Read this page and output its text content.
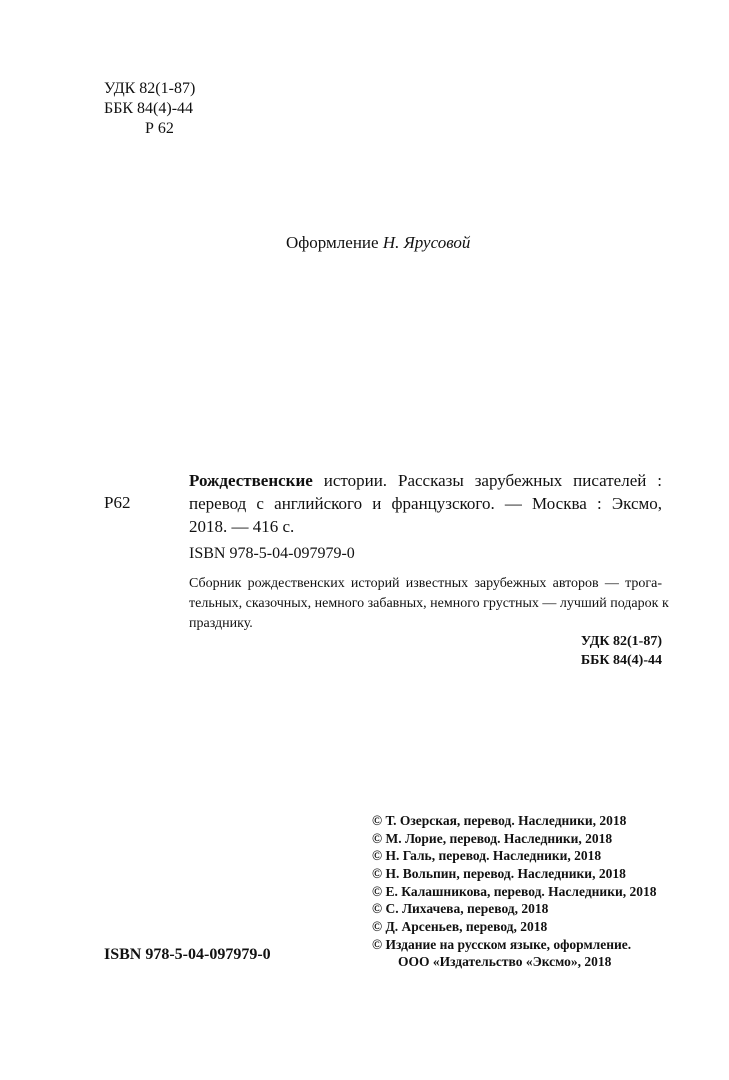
УДК 82(1-87)
ББК 84(4)-44
Р 62
Оформление Н. Ярусовой
Р62
Рождественские истории. Рассказы зарубежных писателей :
перевод с английского и французского. — Москва : Эксмо,
2018. — 416 с.
ISBN 978-5-04-097979-0
Сборник рождественских историй известных зарубежных авторов — трога-
тельных, сказочных, немного забавных, немного грустных — лучший подарок к
празднику.
УДК 82(1-87)
ББК 84(4)-44
© Т. Озерская, перевод. Наследники, 2018
© М. Лорие, перевод. Наследники, 2018
© Н. Галь, перевод. Наследники, 2018
© Н. Вольпин, перевод. Наследники, 2018
© Е. Калашникова, перевод. Наследники, 2018
© С. Лихачева, перевод, 2018
© Д. Арсеньев, перевод, 2018
© Издание на русском языке, оформление.
ООО «Издательство «Эксмо», 2018
ISBN 978-5-04-097979-0
